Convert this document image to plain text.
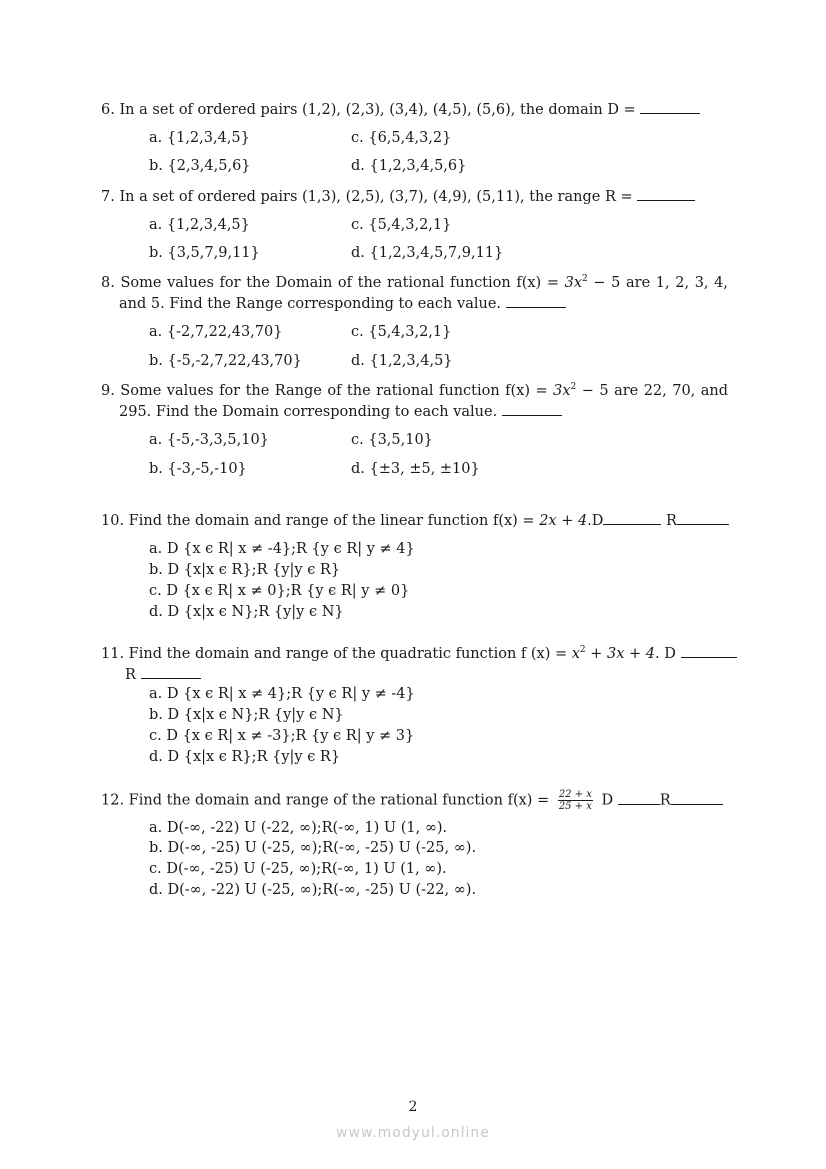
6. In a set of ordered pairs (1,2), (2,3), (3,4), (4,5), (5,6), the domain D =
a. {1,2,3,4,5}	c. {6,5,4,3,2}
b. {2,3,4,5,6}	d. {1,2,3,4,5,6}
7. In a set of ordered pairs (1,3), (2,5), (3,7), (4,9), (5,11), the range R =
a. {1,2,3,4,5}	c. {5,4,3,2,1}
b. {3,5,7,9,11}	d. {1,2,3,4,5,7,9,11}
8. Some values for the Domain of the rational function $f(x) = 3x^2 - 5$ are 1, 2, 3, 4,
and 5. Find the Range corresponding to each value.
a. {-2,7,22,43,70}	c. {5,4,3,2,1}
b. {-5,-2,7,22,43,70}	d. {1,2,3,4,5}
9. Some values for the Range of the rational function $f(x) = 3x^2 - 5$ are 22, 70, and
295. Find the Domain corresponding to each value.
a. {-5,-3,3,5,10}	c. {3,5,10}
b. {-3,-5,-10}	d. {±3, ±5, ±10}
10. Find the domain and range of the linear function f(x) = 2x + 4.D	R
a. D {x ϵ R| x ≠ -4};R {y ϵ R| y ≠ 4}
b. D {x|x ϵ R};R {y|y ϵ R}
c. D {x ϵ R| x ≠ 0};R {y ϵ R| y ≠ 0}
d. D {x|x ϵ N};R {y|y ϵ N}
11. Find the domain and range of the quadratic function f $(x) = x^2 + 3x + 4$. D
R
a. D {x ϵ R| x ≠ 4};R {y ϵ R| y ≠ -4}
b. D {x|x ϵ N};R {y|y ϵ N}
c. D {x ϵ R| x ≠ -3};R {y ϵ R| y ≠ 3}
d. D {x|x ϵ R};R {y|y ϵ R}
12. Find the domain and range of the rational function $f(x) = \frac{22 + x}{25 + x}$ D	R
a. D(-∞, -22) U (-22, ∞);R(-∞, 1) U (1, ∞).
b. D(-∞, -25) U (-25, ∞);R(-∞, -25) U (-25, ∞).
c. D(-∞, -25) U (-25, ∞);R(-∞, 1) U (1, ∞).
d. D(-∞, -22) U (-25, ∞);R(-∞, -25) U (-22, ∞).
2
www.modyul.online
